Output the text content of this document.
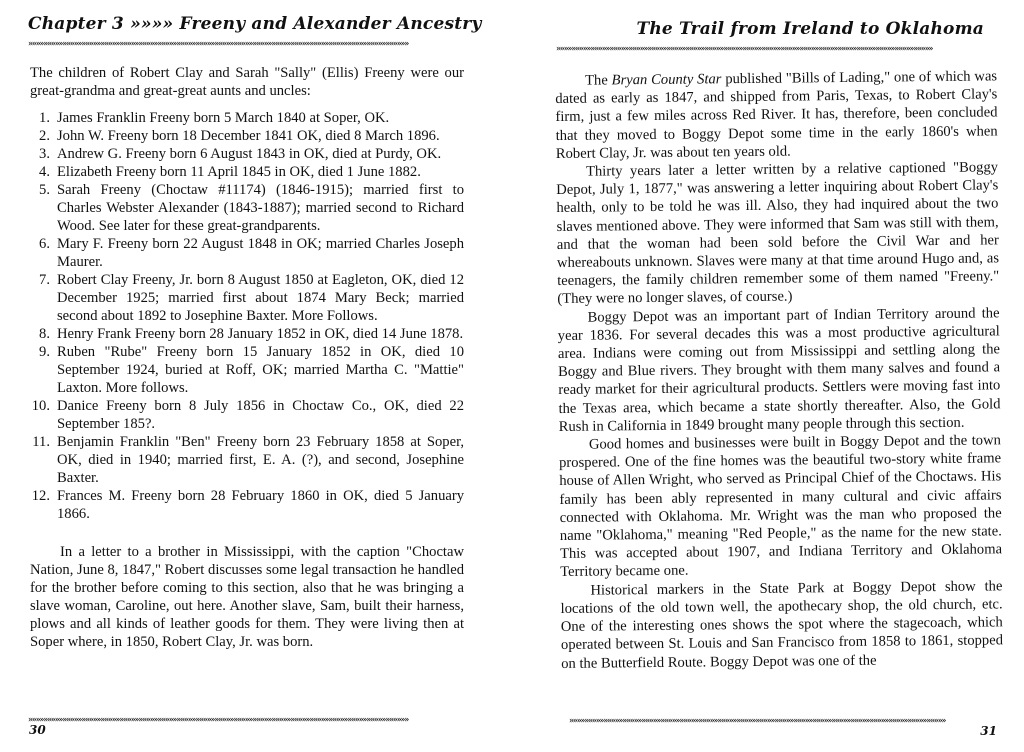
Chapter 3 »»»» Freeny and Alexander Ancestry
»»»»»»»»»»»»»»»»»»»»»»»»»»»»»»»»»»»»»»»»»»»»»»»»»»»»»»»»»»»»»»»»»»»»»»»»»»»»»»»»»»»»»»»»»»»»»»»»»»»»

The children of Robert Clay and Sarah "Sally" (Ellis) Freeny were our great-grandma and great-great aunts and uncles:

1. James Franklin Freeny born 5 March 1840 at Soper, OK.
2. John W. Freeny born 18 December 1841 OK, died 8 March 1896.
3. Andrew G. Freeny born 6 August 1843 in OK, died at Purdy, OK.
4. Elizabeth Freeny born 11 April 1845 in OK, died 1 June 1882.
5. Sarah Freeny (Choctaw #11174) (1846-1915); married first to Charles Webster Alexander (1843-1887); married second to Richard Wood. See later for these great-grandparents.
6. Mary F. Freeny born 22 August 1848 in OK; married Charles Joseph Maurer.
7. Robert Clay Freeny, Jr. born 8 August 1850 at Eagleton, OK, died 12 December 1925; married first about 1874 Mary Beck; married second about 1892 to Josephine Baxter. More Follows.
8. Henry Frank Freeny born 28 January 1852 in OK, died 14 June 1878.
9. Ruben "Rube" Freeny born 15 January 1852 in OK, died 10 September 1924, buried at Roff, OK; married Martha C. "Mattie" Laxton. More follows.
10. Danice Freeny born 8 July 1856 in Choctaw Co., OK, died 22 September 185?.
11. Benjamin Franklin "Ben" Freeny born 23 February 1858 at Soper, OK, died in 1940; married first, E. A. (?), and second, Josephine Baxter.
12. Frances M. Freeny born 28 February 1860 in OK, died 5 January 1866.

In a letter to a brother in Mississippi, with the caption "Choctaw Nation, June 8, 1847," Robert discusses some legal transaction he handled for the brother before coming to this section, also that he was bringing a slave woman, Caroline, out here. Another slave, Sam, built their harness, plows and all kinds of leather goods for them. They were living then at Soper where, in 1850, Robert Clay, Jr. was born.

»»»»»»»»»»»»»»»»»»»»»»»»»»»»»»»»»»»»»»»»»»»»»»»»»»»»»»»»»»»»»»»»»»»»»»»»»»»»»»»»»»»»»»»»»»»»»»»»»»»»
30
The Trail from Ireland to Oklahoma
»»»»»»»»»»»»»»»»»»»»»»»»»»»»»»»»»»»»»»»»»»»»»»»»»»»»»»»»»»»»»»»»»»»»»»»»»»»»»»»»»»»»»»»»»»»»»»»»»»»

The Bryan County Star published "Bills of Lading," one of which was dated as early as 1847, and shipped from Paris, Texas, to Robert Clay's firm, just a few miles across Red River. It has, therefore, been concluded that they moved to Boggy Depot some time in the early 1860's when Robert Clay, Jr. was about ten years old.

Thirty years later a letter written by a relative captioned "Boggy Depot, July 1, 1877," was answering a letter inquiring about Robert Clay's health, only to be told he was ill. Also, they had inquired about the two slaves mentioned above. They were informed that Sam was still with them, and that the woman had been sold before the Civil War and her whereabouts unknown. Slaves were many at that time around Hugo and, as teenagers, the family children remember some of them named "Freeny." (They were no longer slaves, of course.)

Boggy Depot was an important part of Indian Territory around the year 1836. For several decades this was a most productive agricultural area. Indians were coming out from Mississippi and settling along the Boggy and Blue rivers. They brought with them many salves and found a ready market for their agricultural products. Settlers were moving fast into the Texas area, which became a state shortly thereafter. Also, the Gold Rush in California in 1849 brought many people through this section.

Good homes and businesses were built in Boggy Depot and the town prospered. One of the fine homes was the beautiful two-story white frame house of Allen Wright, who served as Principal Chief of the Choctaws. His family has been ably represented in many cultural and civic affairs connected with Oklahoma. Mr. Wright was the man who proposed the name "Oklahoma," meaning "Red People," as the name for the new state. This was accepted about 1907, and Indiana Territory and Oklahoma Territory became one.

Historical markers in the State Park at Boggy Depot show the locations of the old town well, the apothecary shop, the old church, etc. One of the interesting ones shows the spot where the stagecoach, which operated between St. Louis and San Francisco from 1858 to 1861, stopped on the Butterfield Route. Boggy Depot was one of the

»»»»»»»»»»»»»»»»»»»»»»»»»»»»»»»»»»»»»»»»»»»»»»»»»»»»»»»»»»»»»»»»»»»»»»»»»»»»»»»»»»»»»»»»»»»»»»»»»»»
31
